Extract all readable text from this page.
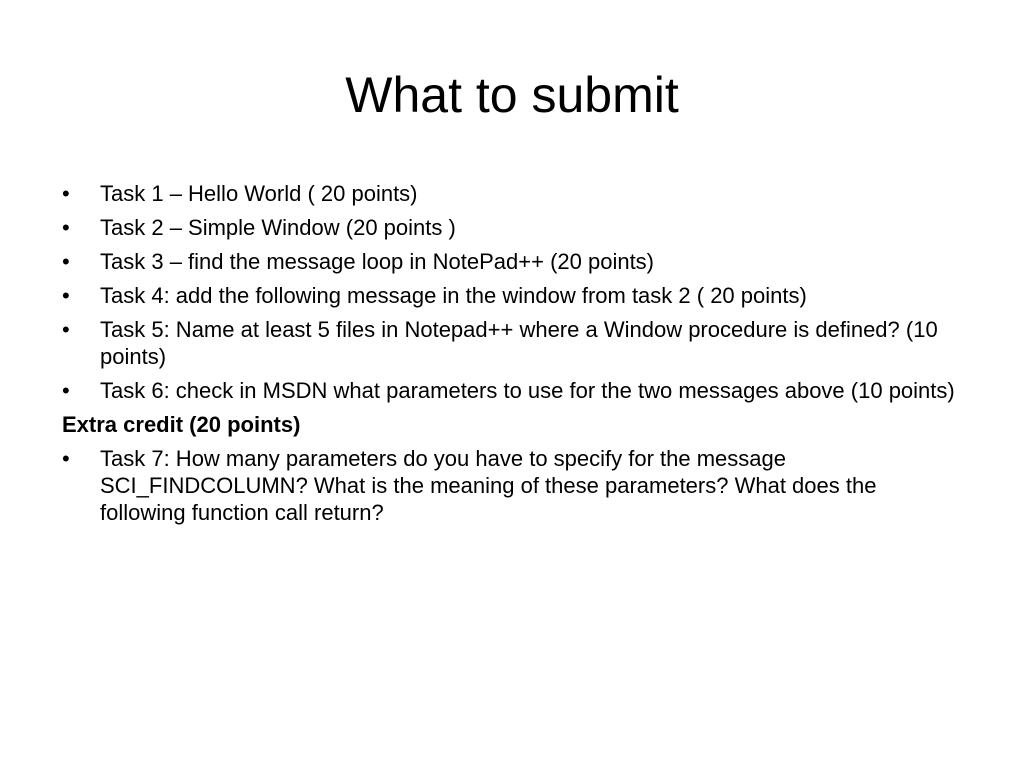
What to submit
•	Task 1 – Hello World ( 20 points)
•	Task 2 – Simple Window (20 points )
•	Task 3 – find the message loop in NotePad++ (20 points)
•	Task 4: add the following message in the window from task 2 ( 20 points)
•	Task 5: Name at least 5 files in Notepad++ where a Window procedure is defined? (10 points)
•	Task 6: check in MSDN what parameters to use for the two messages above (10 points)
Extra credit (20 points)
•	Task 7: How many parameters do you have to specify for the message SCI_FINDCOLUMN? What is the meaning of these parameters? What does the following function call return?
